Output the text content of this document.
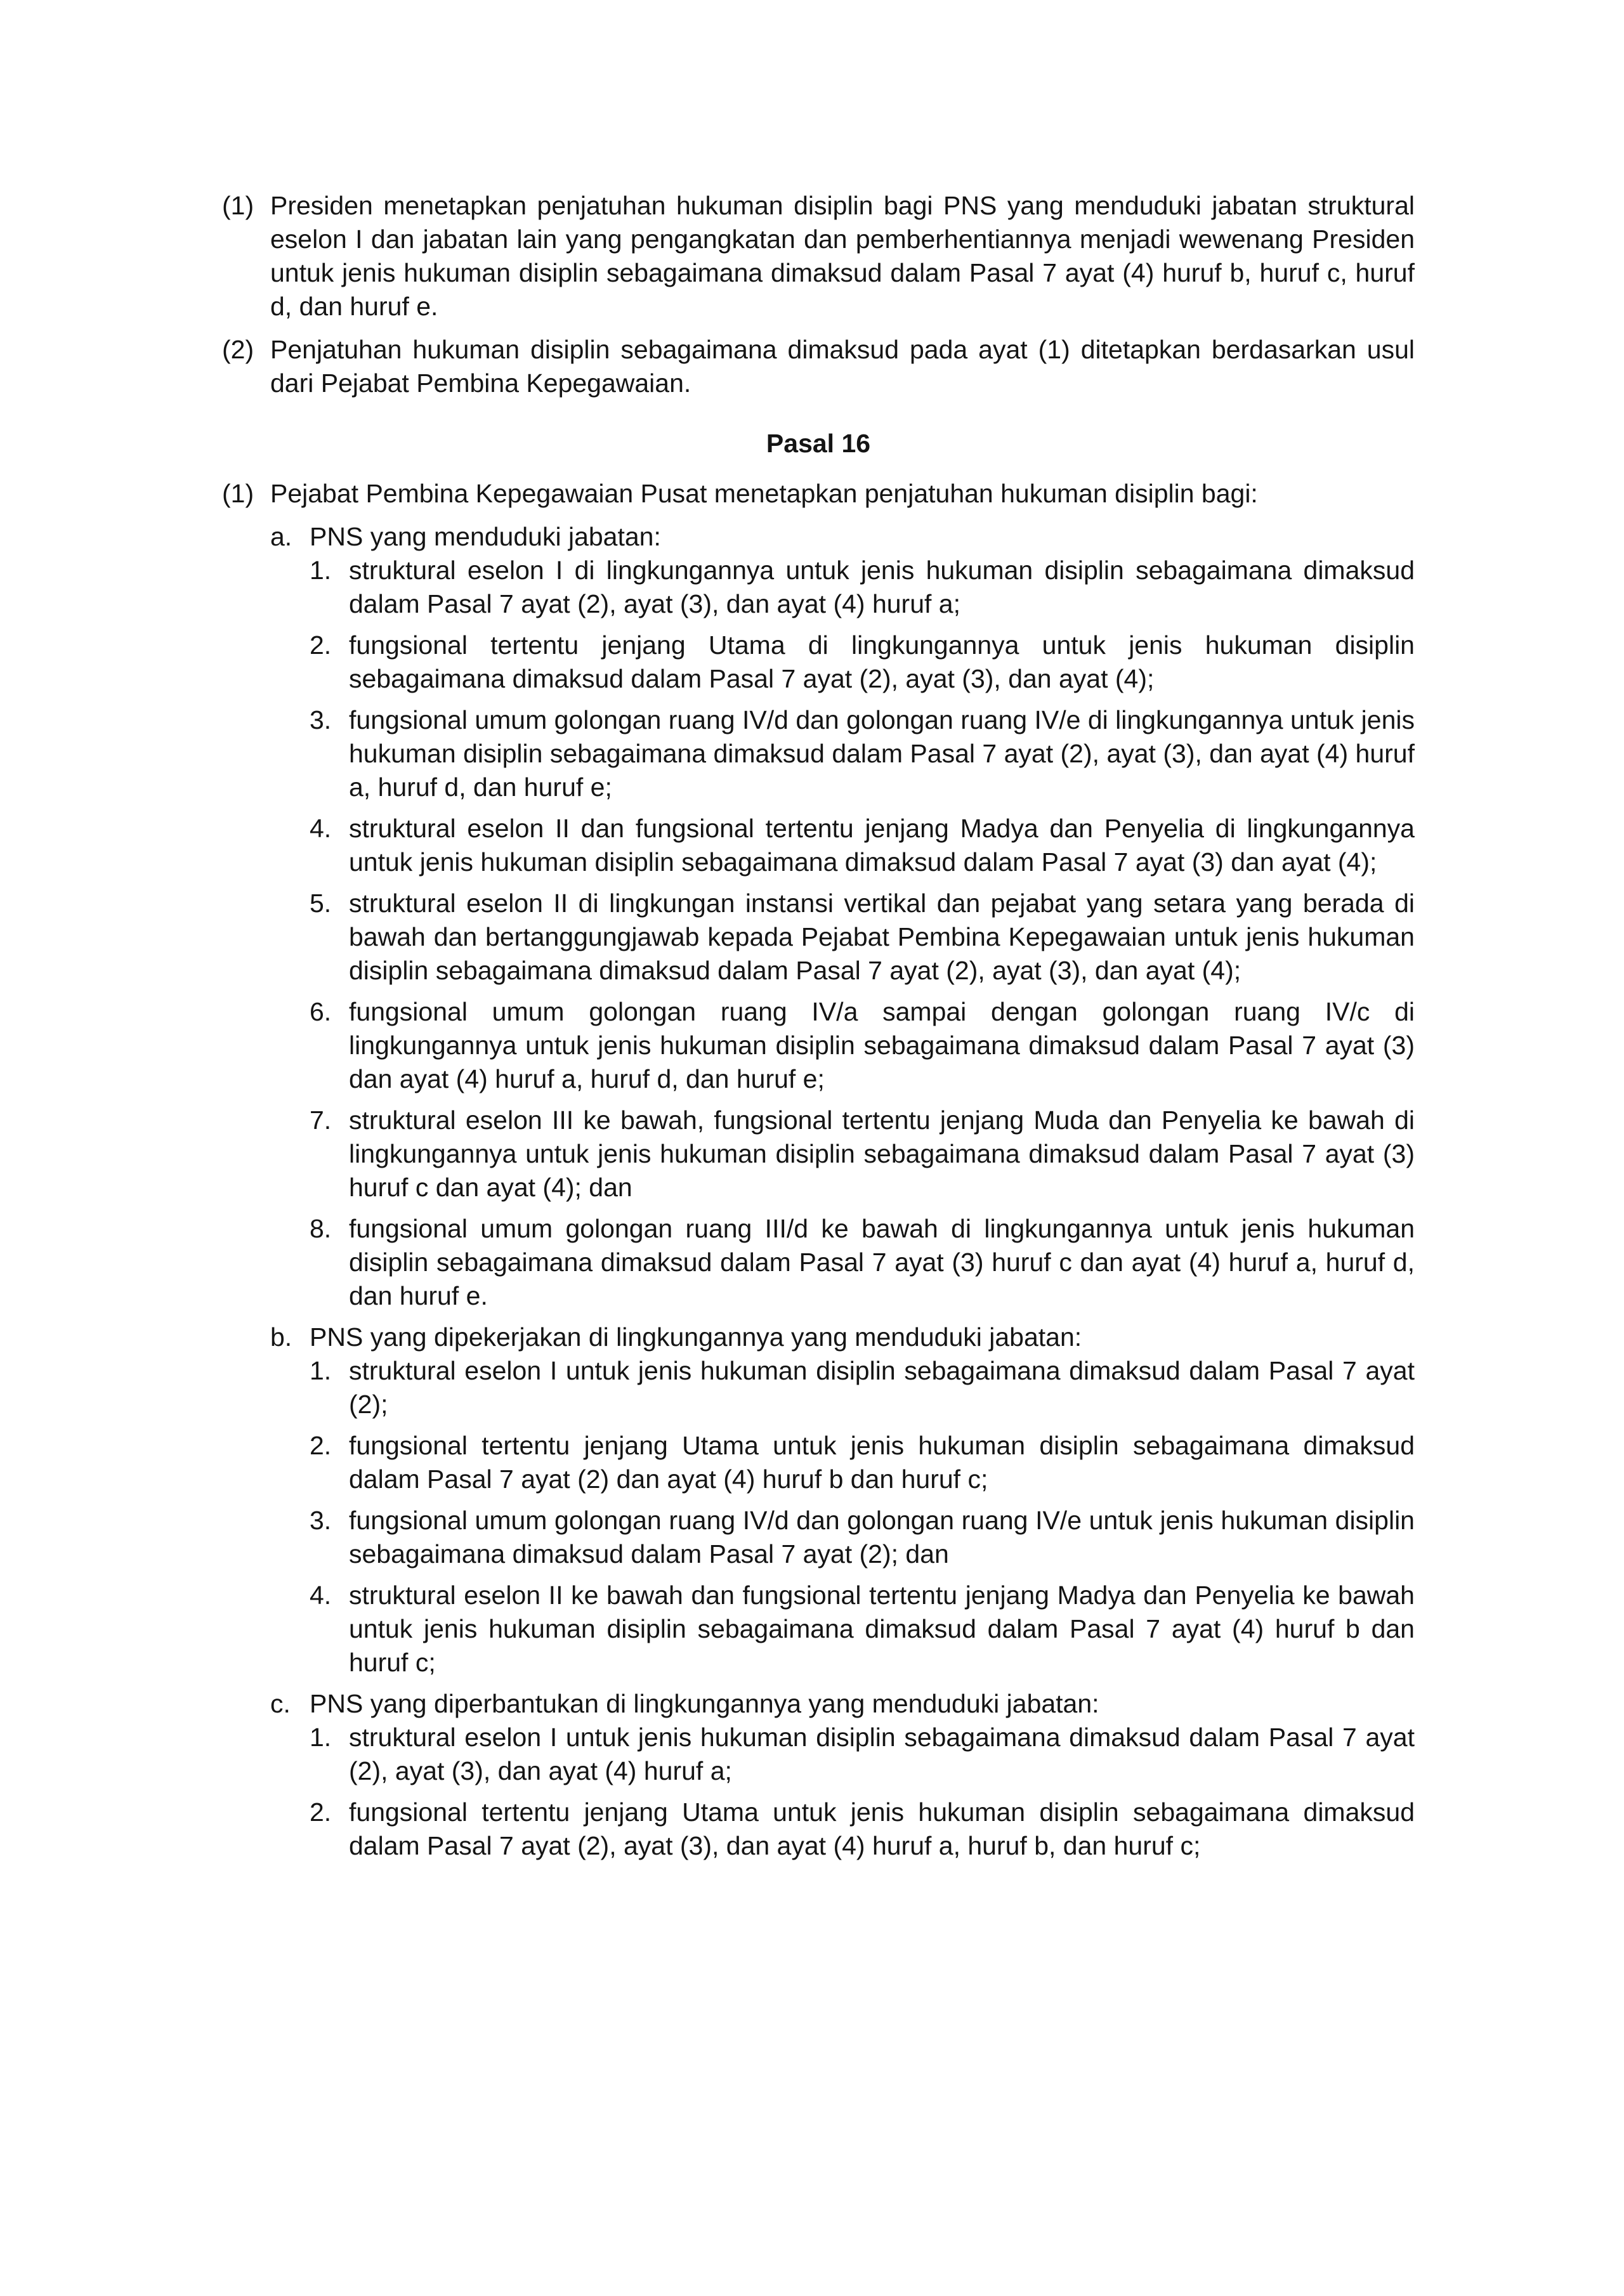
(1) Presiden menetapkan penjatuhan hukuman disiplin bagi PNS yang menduduki jabatan struktural eselon I dan jabatan lain yang pengangkatan dan pemberhentiannya menjadi wewenang Presiden untuk jenis hukuman disiplin sebagaimana dimaksud dalam Pasal 7 ayat (4) huruf b, huruf c, huruf d, dan huruf e.
(2) Penjatuhan hukuman disiplin sebagaimana dimaksud pada ayat (1) ditetapkan berdasarkan usul dari Pejabat Pembina Kepegawaian.
Pasal 16
(1) Pejabat Pembina Kepegawaian Pusat menetapkan penjatuhan hukuman disiplin bagi:
a. PNS yang menduduki jabatan:
1. struktural eselon I di lingkungannya untuk jenis hukuman disiplin sebagaimana dimaksud dalam Pasal 7 ayat (2), ayat (3), dan ayat (4) huruf a;
2. fungsional tertentu jenjang Utama di lingkungannya untuk jenis hukuman disiplin sebagaimana dimaksud dalam Pasal 7 ayat (2), ayat (3), dan ayat (4);
3. fungsional umum golongan ruang IV/d dan golongan ruang IV/e di lingkungannya untuk jenis hukuman disiplin sebagaimana dimaksud dalam Pasal 7 ayat (2), ayat (3), dan ayat (4) huruf a, huruf d, dan huruf e;
4. struktural eselon II dan fungsional tertentu jenjang Madya dan Penyelia di lingkungannya untuk jenis hukuman disiplin sebagaimana dimaksud dalam Pasal 7 ayat (3) dan ayat (4);
5. struktural eselon II di lingkungan instansi vertikal dan pejabat yang setara yang berada di bawah dan bertanggungjawab kepada Pejabat Pembina Kepegawaian untuk jenis hukuman disiplin sebagaimana dimaksud dalam Pasal 7 ayat (2), ayat (3), dan ayat (4);
6. fungsional umum golongan ruang IV/a sampai dengan golongan ruang IV/c di lingkungannya untuk jenis hukuman disiplin sebagaimana dimaksud dalam Pasal 7 ayat (3) dan ayat (4) huruf a, huruf d, dan huruf e;
7. struktural eselon III ke bawah, fungsional tertentu jenjang Muda dan Penyelia ke bawah di lingkungannya untuk jenis hukuman disiplin sebagaimana dimaksud dalam Pasal 7 ayat (3) huruf c dan ayat (4); dan
8. fungsional umum golongan ruang III/d ke bawah di lingkungannya untuk jenis hukuman disiplin sebagaimana dimaksud dalam Pasal 7 ayat (3) huruf c dan ayat (4) huruf a, huruf d, dan huruf e.
b. PNS yang dipekerjakan di lingkungannya yang menduduki jabatan:
1. struktural eselon I untuk jenis hukuman disiplin sebagaimana dimaksud dalam Pasal 7 ayat (2);
2. fungsional tertentu jenjang Utama untuk jenis hukuman disiplin sebagaimana dimaksud dalam Pasal 7 ayat (2) dan ayat (4) huruf b dan huruf c;
3. fungsional umum golongan ruang IV/d dan golongan ruang IV/e untuk jenis hukuman disiplin sebagaimana dimaksud dalam Pasal 7 ayat (2); dan
4. struktural eselon II ke bawah dan fungsional tertentu jenjang Madya dan Penyelia ke bawah untuk jenis hukuman disiplin sebagaimana dimaksud dalam Pasal 7 ayat (4) huruf b dan huruf c;
c. PNS yang diperbantukan di lingkungannya yang menduduki jabatan:
1. struktural eselon I untuk jenis hukuman disiplin sebagaimana dimaksud dalam Pasal 7 ayat (2), ayat (3), dan ayat (4) huruf a;
2. fungsional tertentu jenjang Utama untuk jenis hukuman disiplin sebagaimana dimaksud dalam Pasal 7 ayat (2), ayat (3), dan ayat (4) huruf a, huruf b, dan huruf c;
